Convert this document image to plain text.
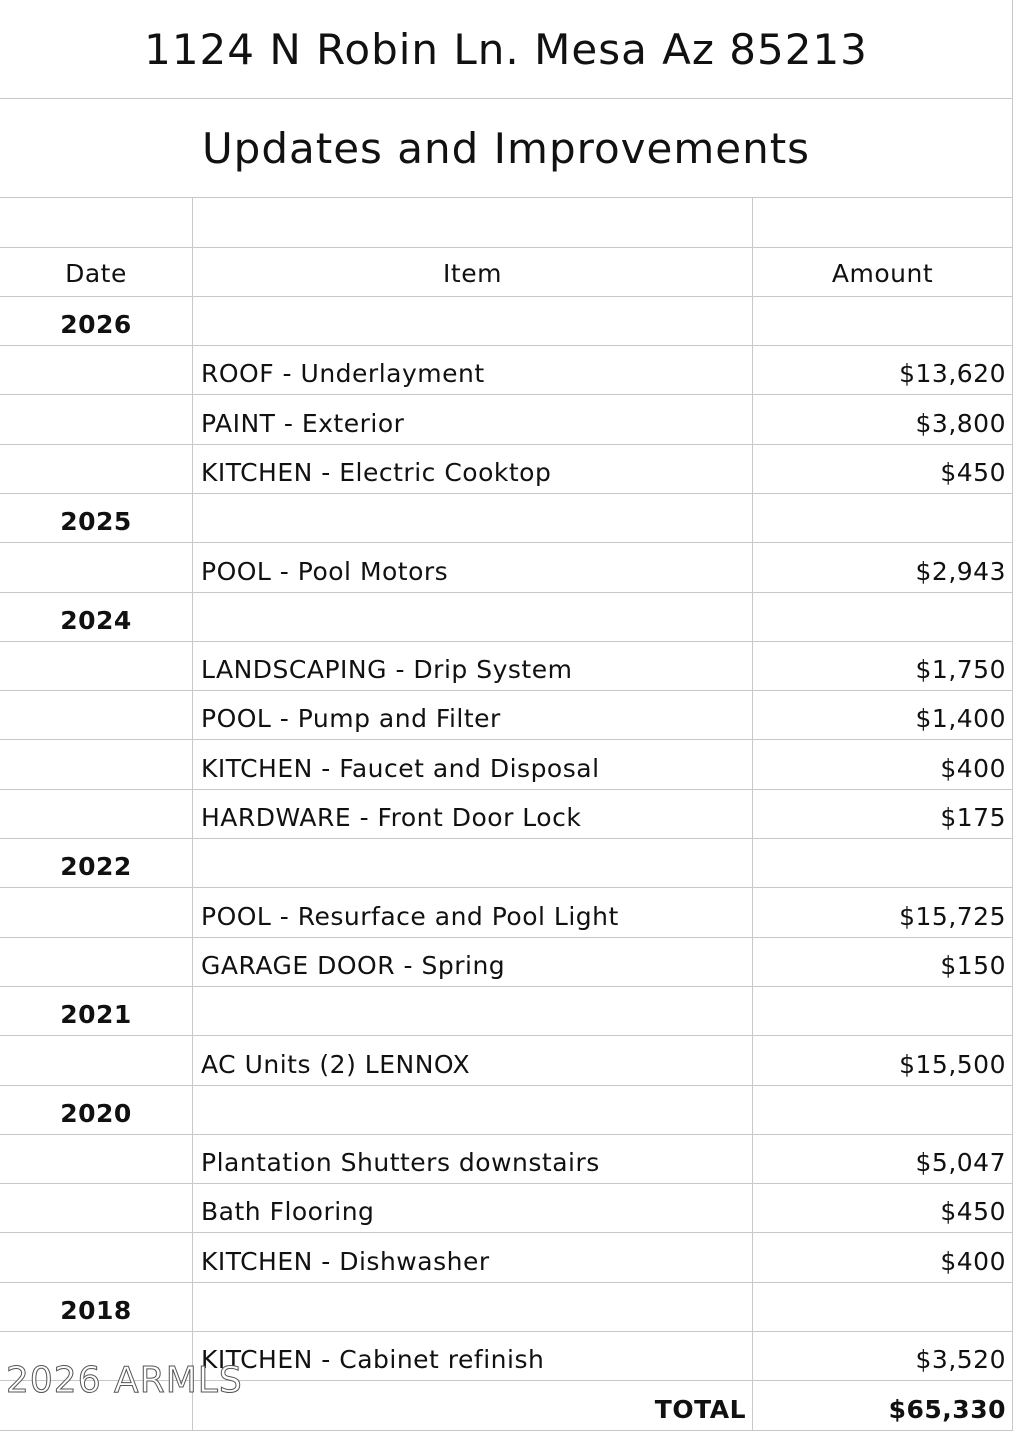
1124 N Robin Ln. Mesa Az 85213
Updates and Improvements
Date	Item	Amount
2026
ROOF - Underlayment	$13,620
PAINT - Exterior	$3,800
KITCHEN - Electric Cooktop	$450
2025
POOL - Pool Motors	$2,943
2024
LANDSCAPING - Drip System	$1,750
POOL - Pump and Filter	$1,400
KITCHEN - Faucet and Disposal	$400
HARDWARE - Front Door Lock	$175
2022
POOL - Resurface and Pool Light	$15,725
GARAGE DOOR - Spring	$150
2021
AC Units (2) LENNOX	$15,500
2020
Plantation Shutters downstairs	$5,047
Bath Flooring	$450
KITCHEN - Dishwasher	$400
2018
KITCHEN - Cabinet refinish	$3,520
TOTAL	$65,330
2026 ARMLS
